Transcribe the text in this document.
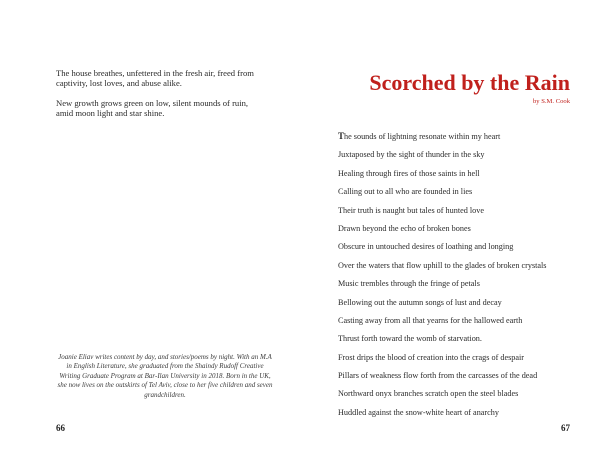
The house breathes, unfettered in the fresh air, freed from captivity, lost loves, and abuse alike.

New growth grows green on low, silent mounds of ruin, amid moon light and star shine.

Joanie Eliav writes content by day, and stories/poems by night. With an M.A in English Literature, she graduated from the Shaindy Rudoff Creative Writing Graduate Program at Bar-Ilan University in 2018. Born in the UK, she now lives on the outskirts of Tel Aviv, close to her five children and seven grandchildren.
66
Scorched by the Rain
by S.M. Cook
The sounds of lightning resonate within my heart
Juxtaposed by the sight of thunder in the sky
Healing through fires of those saints in hell
Calling out to all who are founded in lies
Their truth is naught but tales of hunted love
Drawn beyond the echo of broken bones
Obscure in untouched desires of loathing and longing
Over the waters that flow uphill to the glades of broken crystals
Music trembles through the fringe of petals
Bellowing out the autumn songs of lust and decay
Casting away from all that yearns for the hallowed earth
Thrust forth toward the womb of starvation.
Frost drips the blood of creation into the crags of despair
Pillars of weakness flow forth from the carcasses of the dead
Northward onyx branches scratch open the steel blades
Huddled against the snow-white heart of anarchy
67
